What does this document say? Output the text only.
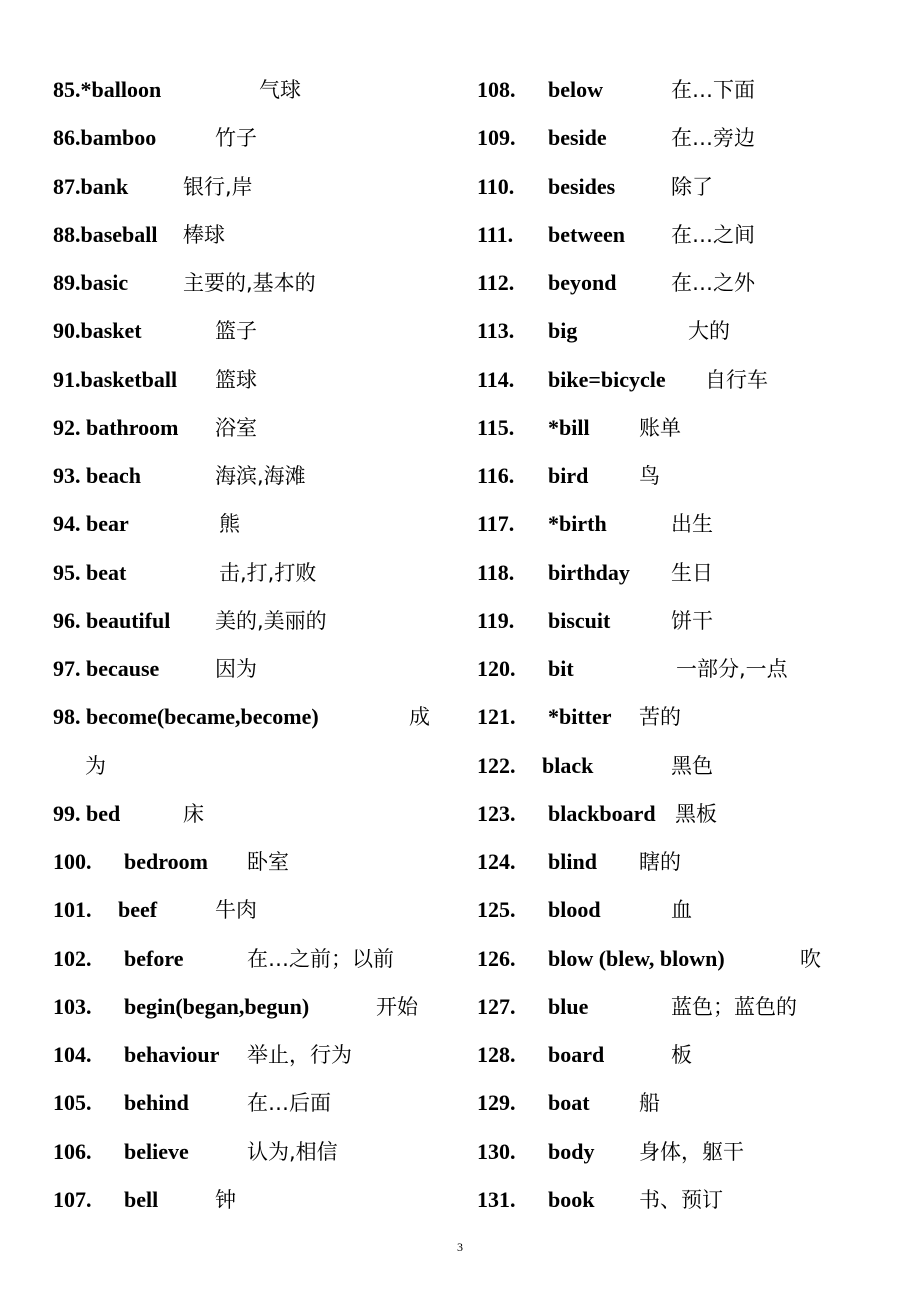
85.*balloon	气球
86.bamboo	竹子
87.bank	银行,岸
88.baseball 棒球
89.basic	主要的,基本的
90.basket	篮子
91.basketball 篮球
92. bathroom 浴室
93. beach	海滨,海滩
94. bear	熊
95. beat	击,打,打败
96. beautiful 美的,美丽的
97. because	因为
98. become(became,become)	成
为
99. bed	床
100. bedroom 卧室
101. beef	牛肉
102. before	在…之前；以前
103. begin(began,begun)	开始
104. behaviour 举止，行为
105. behind	在…后面
106. believe	认为,相信
107. bell	钟
108. below	在…下面
109. beside	在…旁边
110. besides	除了
111. between 在…之间
112. beyond	在…之外
113. big	大的
114. bike=bicycle 自行车
115. *bill 账单
116. bird 鸟
117. *birth	出生
118. birthday 生日
119. biscuit	饼干
120. bit	一部分,一点
121. *bitter 苦的
122. black	黑色
123. blackboard 黑板
124. blind 瞎的
125. blood	血
126. blow (blew, blown)	吹
127. blue	蓝色；蓝色的
128. board	板
129. boat 船
130. body 身体，躯干
131. book 书、预订
3
